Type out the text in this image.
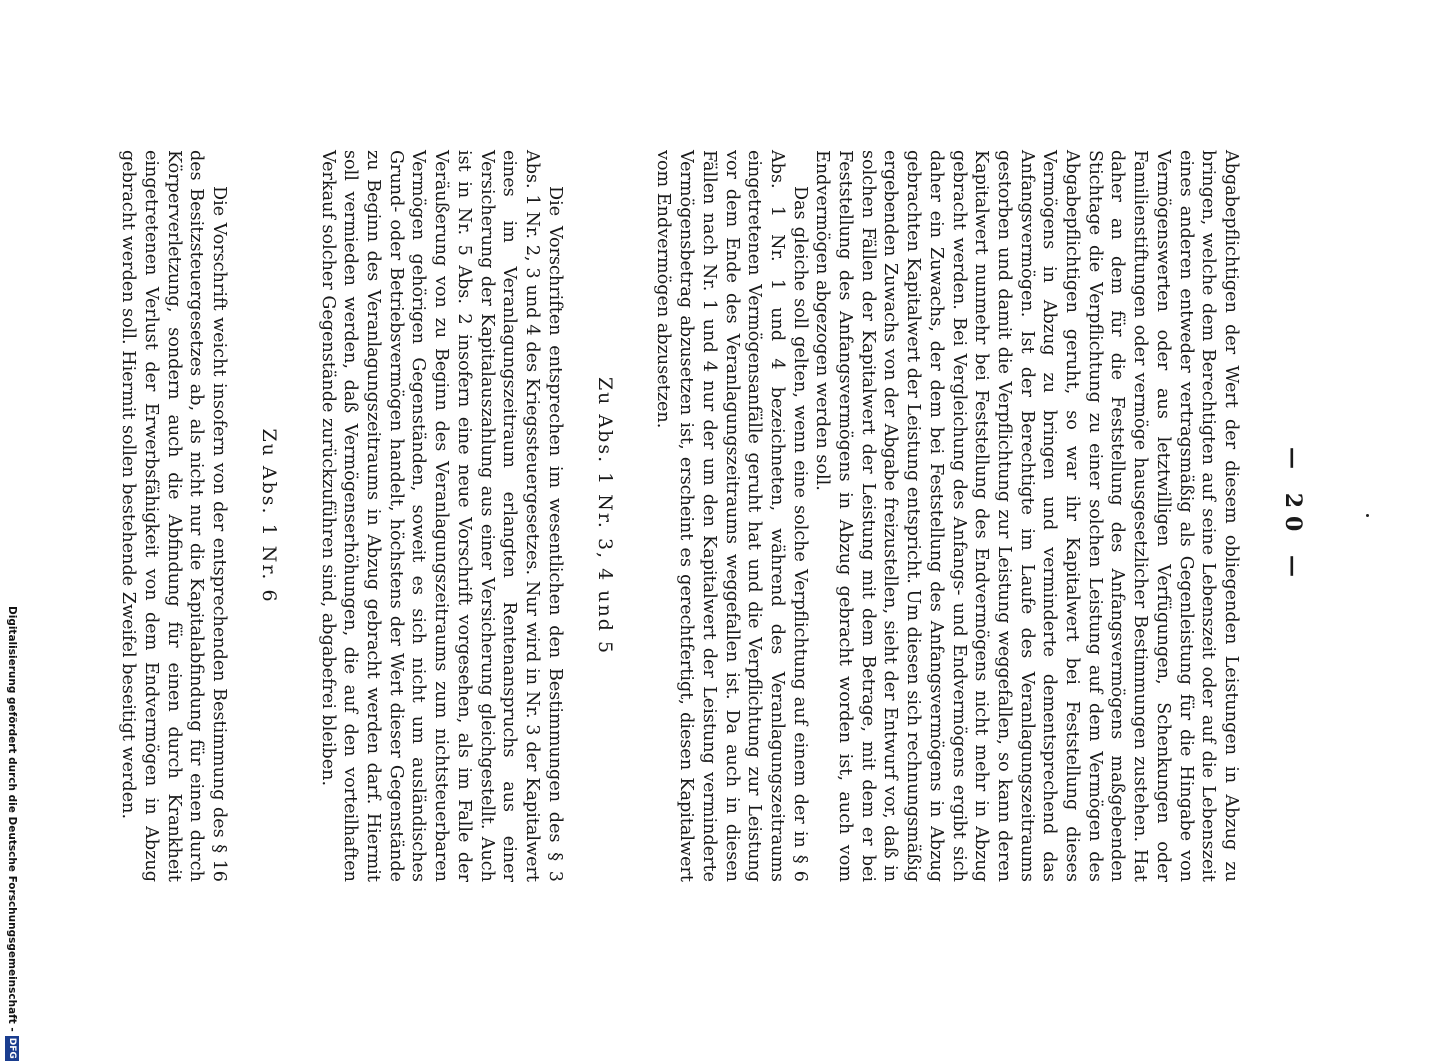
— 20 —

Abgabepflichtigen der Wert der diesem obliegenden Leistungen in Abzug zu bringen, welche dem Berechtigten auf seine Lebenszeit oder auf die Lebenszeit eines anderen entweder vertragsmäßig als Gegenleistung für die Hingabe von Vermögenswerten oder aus letztwilligen Verfügungen, Schenkungen oder Familienstiftungen oder vermöge hausgesetzlicher Bestimmungen zustehen. Hat daher an dem für die Feststellung des Anfangsvermögens maßgebenden Stichtage die Verpflichtung zu einer solchen Leistung auf dem Vermögen des Abgabepflichtigen geruht, so war ihr Kapitalwert bei Feststellung dieses Vermögens in Abzug zu bringen und verminderte dementsprechend das Anfangsvermögen. Ist der Berechtigte im Laufe des Veranlagungszeitraums gestorben und damit die Verpflichtung zur Leistung weggefallen, so kann deren Kapitalwert nunmehr bei Feststellung des Endvermögens nicht mehr in Abzug gebracht werden. Bei Vergleichung des Anfangs- und Endvermögens ergibt sich daher ein Zuwachs, der dem bei Feststellung des Anfangsvermögens in Abzug gebrachten Kapitalwert der Leistung entspricht. Um diesen sich rechnungsmäßig ergebenden Zuwachs von der Abgabe freizustellen, sieht der Entwurf vor, daß in solchen Fällen der Kapitalwert der Leistung mit dem Betrage, mit dem er bei Feststellung des Anfangsvermögens in Abzug gebracht worden ist, auch vom Endvermögen abgezogen werden soll.

Das gleiche soll gelten, wenn eine solche Verpflichtung auf einem der in § 6 Abs. 1 Nr. 1 und 4 bezeichneten, während des Veranlagungszeitraums eingetretenen Vermögensanfälle geruht hat und die Verpflichtung zur Leistung vor dem Ende des Veranlagungszeitraums weggefallen ist. Da auch in diesen Fällen nach Nr. 1 und 4 nur der um den Kapitalwert der Leistung verminderte Vermögensbetrag abzusetzen ist, erscheint es gerechtfertigt, diesen Kapitalwert vom Endvermögen abzusetzen.

Zu Abs. 1 Nr. 3, 4 und 5

Die Vorschriften entsprechen im wesentlichen den Bestimmungen des § 3 Abs. 1 Nr. 2, 3 und 4 des Kriegssteuergesetzes. Nur wird in Nr. 3 der Kapitalwert eines im Veranlagungszeitraum erlangten Rentenanspruchs aus einer Versicherung der Kapitalauszahlung aus einer Versicherung gleichgestellt. Auch ist in Nr. 5 Abs. 2 insofern eine neue Vorschrift vorgesehen, als im Falle der Veräußerung von zu Beginn des Veranlagungszeitraums zum nichtsteuerbaren Vermögen gehörigen Gegenständen, soweit es sich nicht um ausländisches Grund- oder Betriebsvermögen handelt, höchstens der Wert dieser Gegenstände zu Beginn des Veranlagungszeitraums in Abzug gebracht werden darf. Hiermit soll vermieden werden, daß Vermögenserhöhungen, die auf den vorteilhaften Verkauf solcher Gegenstände zurückzuführen sind, abgabefrei bleiben.

Zu Abs. 1 Nr. 6

Die Vorschrift weicht insofern von der entsprechenden Bestimmung des § 16 des Besitzsteuergesetzes ab, als nicht nur die Kapitalabfindung für einen durch Körperverletzung, sondern auch die Abfindung für einen durch Krankheit eingetretenen Verlust der Erwerbsfähigkeit von dem Endvermögen in Abzug gebracht werden soll. Hiermit sollen bestehende Zweifel beseitigt werden.

Digitalisierung gefördert durch die Deutsche Forschungsgemeinschaft -
DFG
